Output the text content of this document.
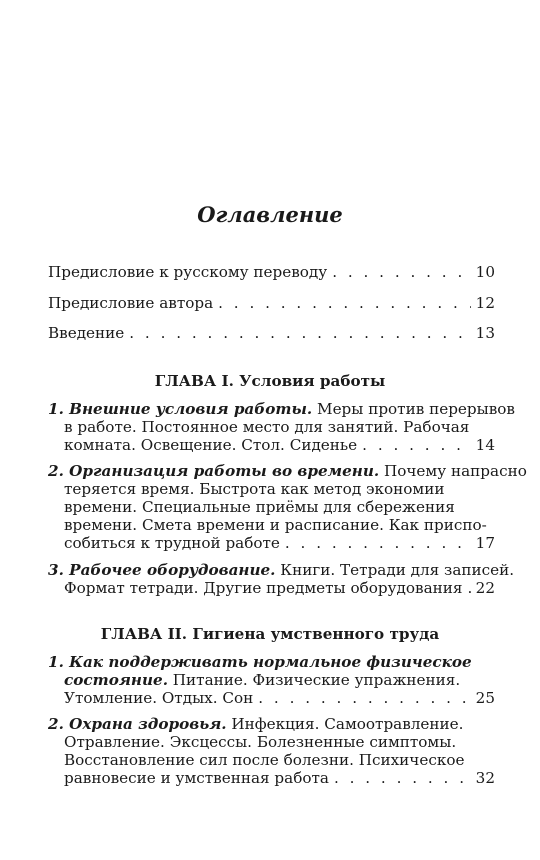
Оглавление
Предисловие к русскому переводу . . .	10
Предисловие автора . . .	12
Введение . . .	13
ГЛАВА I. Условия работы
1. Внешние условия работы. Меры против перерывов
в работе. Постоянное место для занятий. Рабочая
комната. Освещение. Стол. Сиденье . . .	14
2. Организация работы во времени. Почему напрасно
теряется время. Быстрота как метод экономии
времени. Специальные приёмы для сбережения
времени. Смета времени и расписание. Как приспо-
собиться к трудной работе . . .	17
3. Рабочее оборудование. Книги. Тетради для записей.
Формат тетради. Другие предметы оборудования . . . 22
ГЛАВА II. Гигиена умственного труда
1. Как поддерживать нормальное физическое
состояние. Питание. Физические упражнения.
Утомление. Отдых. Сон . . .	25
2. Охрана здоровья. Инфекция. Самоотравление.
Отравление. Эксцессы. Болезненные симптомы.
Восстановление сил после болезни. Психическое
равновесие и умственная работа . . .	32
